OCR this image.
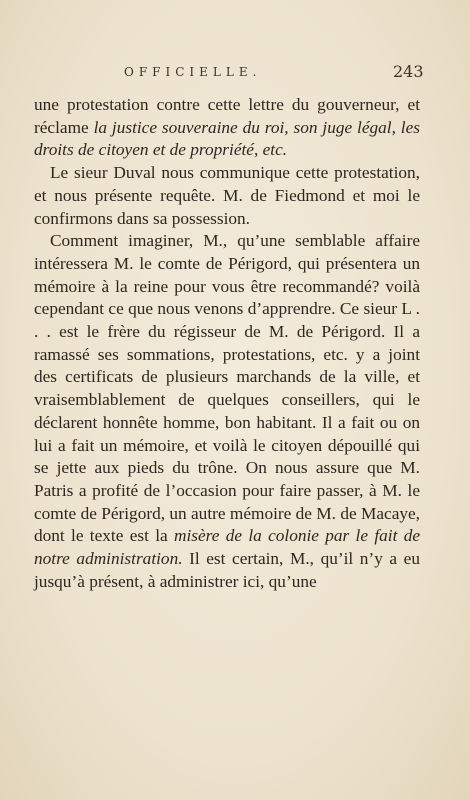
OFFICIELLE.	243

une protestation contre cette lettre du gouverneur, et réclame la justice souveraine du roi, son juge légal, les droits de citoyen et de propriété, etc.

Le sieur Duval nous communique cette protestation, et nous présente requête. M. de Fiedmond et moi le confirmons dans sa possession.

Comment imaginer, M., qu’une semblable affaire intéressera M. le comte de Périgord, qui présentera un mémoire à la reine pour vous être recommandé? voilà cependant ce que nous venons d’apprendre. Ce sieur L . . . est le frère du régisseur de M. de Périgord. Il a ramassé ses sommations, protestations, etc. y a joint des certificats de plusieurs marchands de la ville, et vraisemblablement de quelques conseillers, qui le déclarent honnête homme, bon habitant. Il a fait ou on lui a fait un mémoire, et voilà le citoyen dépouillé qui se jette aux pieds du trône. On nous assure que M. Patris a profité de l’occasion pour faire passer, à M. le comte de Périgord, un autre mémoire de M. de Macaye, dont le texte est la misère de la colonie par le fait de notre administration. Il est certain, M., qu’il n’y a eu jusqu’à présent, à administrer ici, qu’une
